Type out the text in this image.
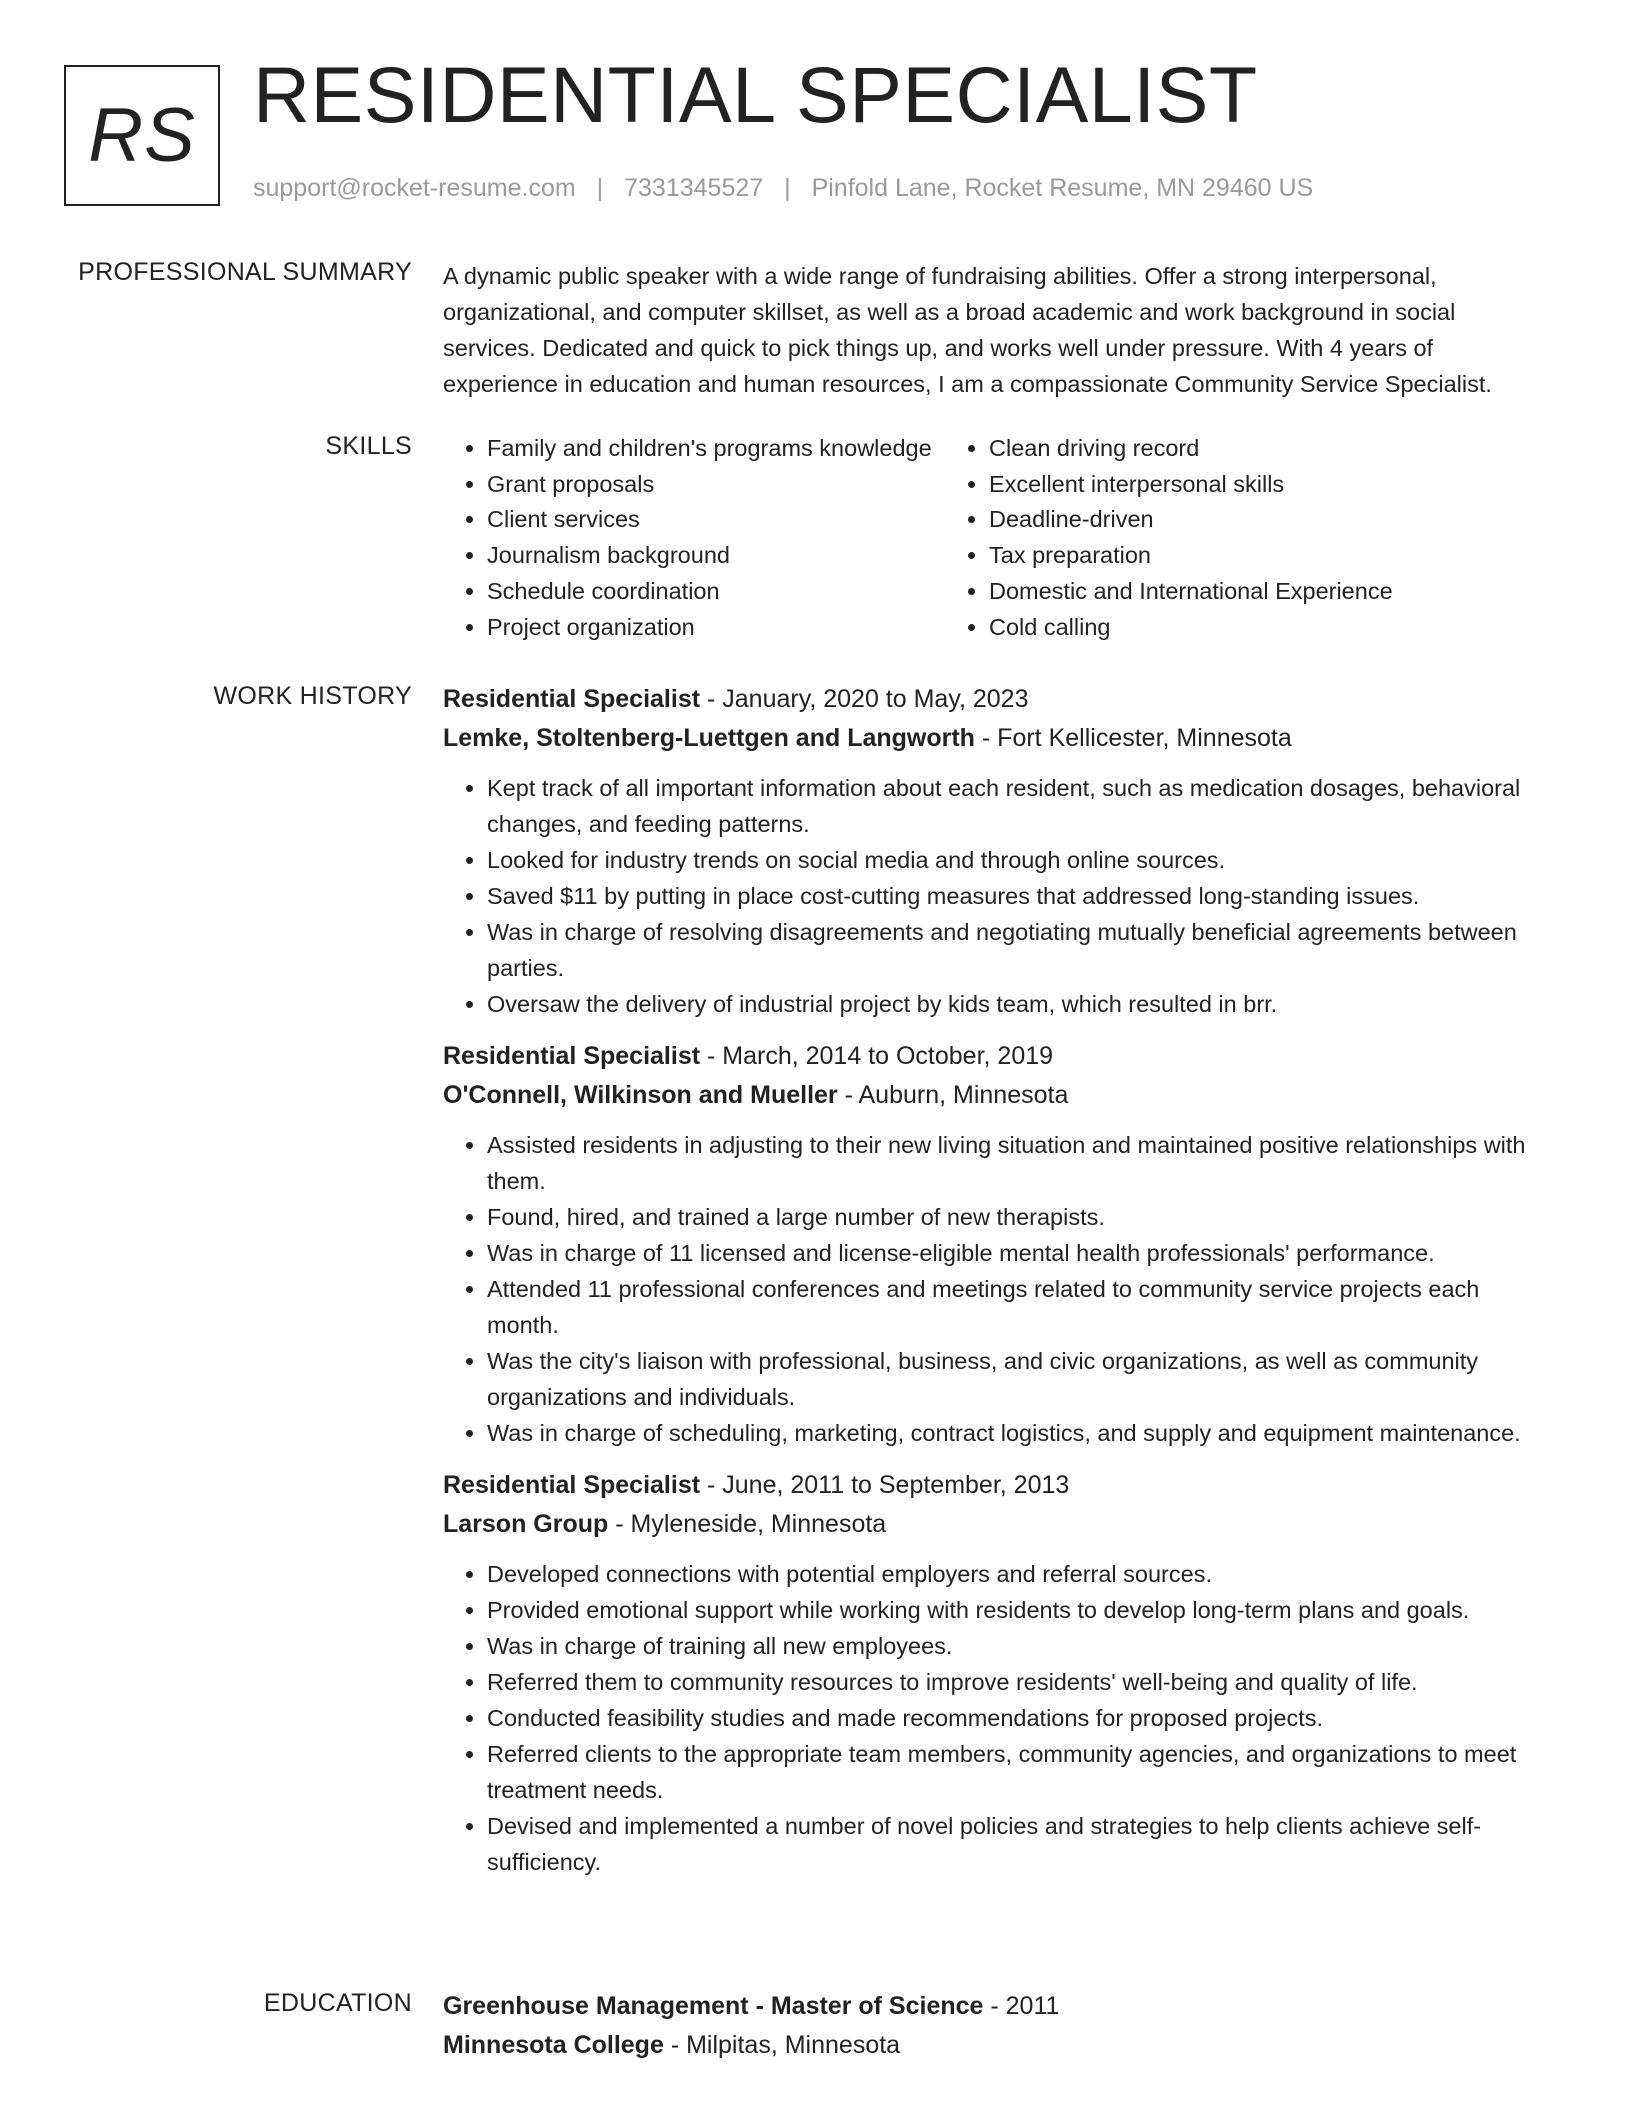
RS RESIDENTIAL SPECIALIST
support@rocket-resume.com | 7331345527 | Pinfold Lane, Rocket Resume, MN 29460 US
PROFESSIONAL SUMMARY A dynamic public speaker with a wide range of fundraising abilities. Offer a strong interpersonal, organizational, and computer skillset, as well as a broad academic and work background in social services. Dedicated and quick to pick things up, and works well under pressure. With 4 years of experience in education and human resources, I am a compassionate Community Service Specialist.

SKILLS
•	Family and children's programs knowledge
• Grant proposals
• Client services
• Journalism background
• Schedule coordination
• Project organization
• Clean driving record
• Excellent interpersonal skills
• Deadline-driven
• Tax preparation
• Domestic and International Experience
• Cold calling
WORK HISTORY Residential Specialist - January, 2020 to May, 2023
Lemke, Stoltenberg-Luettgen and Langworth - Fort Kellicester, Minnesota
• Kept track of all important information about each resident, such as medication dosages, behavioral changes, and feeding patterns.
• Looked for industry trends on social media and through online sources.
• Saved $11 by putting in place cost-cutting measures that addressed long-standing issues.
• Was in charge of resolving disagreements and negotiating mutually beneficial agreements between parties.
• Oversaw the delivery of industrial project by kids team, which resulted in brr.
Residential Specialist - March, 2014 to October, 2019
O'Connell, Wilkinson and Mueller - Auburn, Minnesota
• Assisted residents in adjusting to their new living situation and maintained positive relationships with them.
• Found, hired, and trained a large number of new therapists.
• Was in charge of 11 licensed and license-eligible mental health professionals' performance.
• Attended 11 professional conferences and meetings related to community service projects each month.
• Was the city's liaison with professional, business, and civic organizations, as well as community organizations and individuals.
• Was in charge of scheduling, marketing, contract logistics, and supply and equipment maintenance.
Residential Specialist - June, 2011 to September, 2013
Larson Group - Myleneside, Minnesota
• Developed connections with potential employers and referral sources.
• Provided emotional support while working with residents to develop long-term plans and goals.
• Was in charge of training all new employees.
• Referred them to community resources to improve residents' well-being and quality of life.
• Conducted feasibility studies and made recommendations for proposed projects.
• Referred clients to the appropriate team members, community agencies, and organizations to meet treatment needs.
• Devised and implemented a number of novel policies and strategies to help clients achieve self-sufficiency.
EDUCATION Greenhouse Management - Master of Science - 2011
Minnesota College - Milpitas, Minnesota
